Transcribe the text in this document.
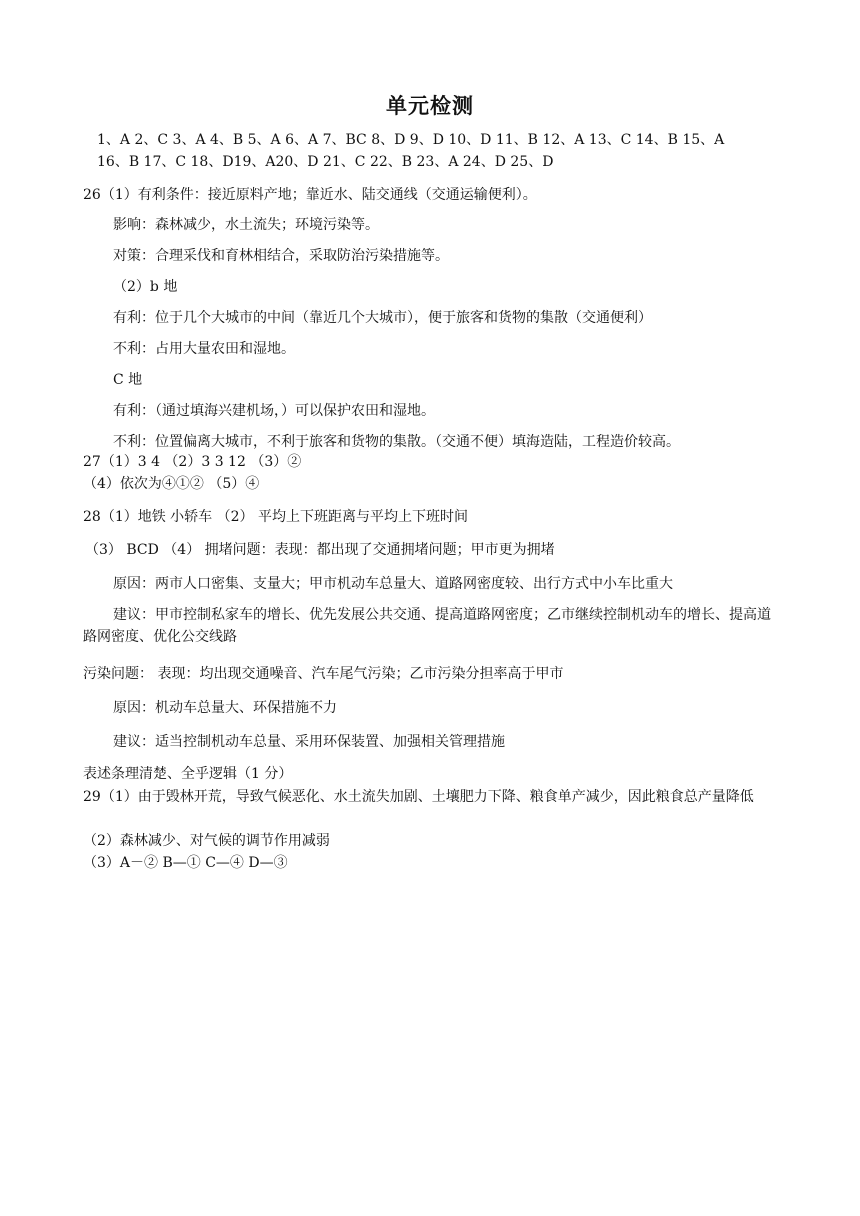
单元检测
1、A 2、C 3、A 4、B 5、A 6、A 7、BC 8、D 9、D 10、D 11、B 12、A 13、C 14、B 15、A
16、B 17、C 18、D19、A20、D 21、C 22、B 23、A 24、D 25、D
26（1）有利条件：接近原料产地；靠近水、陆交通线（交通运输便利）。
影响：森林减少，水土流失；环境污染等。
对策：合理采伐和育林相结合，采取防治污染措施等。
（2）b 地
有利：位于几个大城市的中间（靠近几个大城市），便于旅客和货物的集散（交通便利）
不利：占用大量农田和湿地。
C 地
有利：（通过填海兴建机场，）可以保护农田和湿地。
不利：位置偏离大城市，不利于旅客和货物的集散。（交通不便）填海造陆，工程造价较高。
27（1）3 4 （2）3 3 12 （3）②
（4）依次为④①② （5）④
28（1）地铁 小轿车 （2） 平均上下班距离与平均上下班时间
（3） BCD （4） 拥堵问题：表现：都出现了交通拥堵问题；甲市更为拥堵
原因：两市人口密集、支量大；甲市机动车总量大、道路网密度较、出行方式中小车比重大
建议：甲市控制私家车的增长、优先发展公共交通、提高道路网密度；乙市继续控制机动车的增长、提高道路网密度、优化公交线路
污染问题： 表现：均出现交通噪音、汽车尾气污染；乙市污染分担率高于甲市
原因：机动车总量大、环保措施不力
建议：适当控制机动车总量、采用环保装置、加强相关管理措施
表述条理清楚、全乎逻辑（1 分）
29（1）由于毁林开荒，导致气候恶化、水土流失加剧、土壤肥力下降、粮食单产减少，因此粮食总产量降低
（2）森林减少、对气候的调节作用减弱
（3）A－② B—① C—④ D—③
